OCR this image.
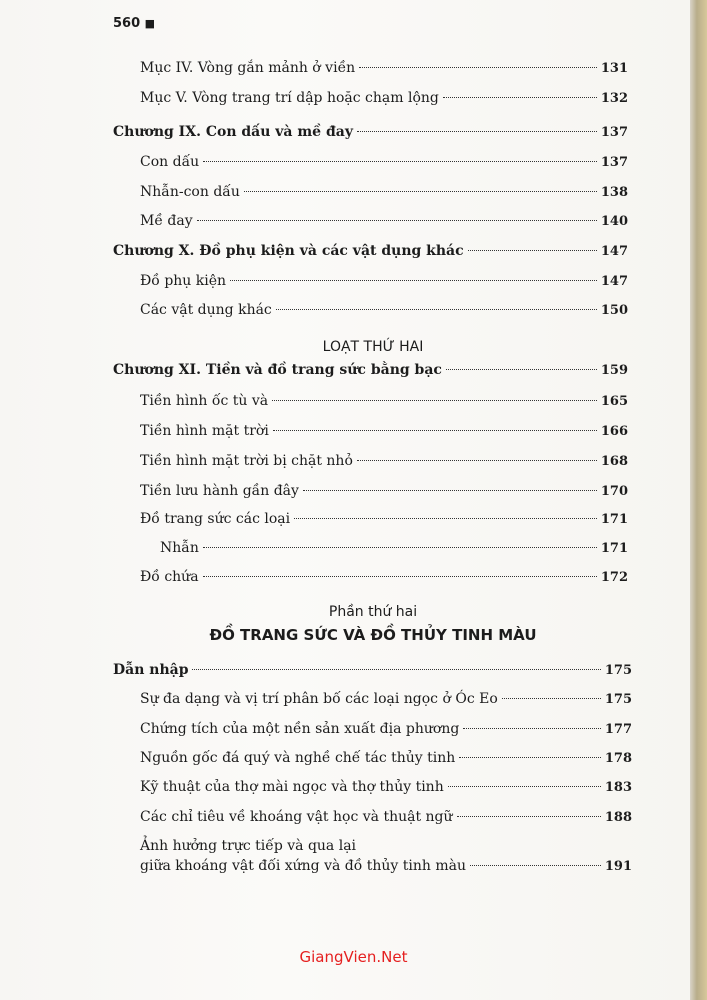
560 ■
Mục IV. Vòng gắn mảnh ở viền	131
Mục V. Vòng trang trí dập hoặc chạm lộng	132
Chương IX. Con dấu và mề đay	137
Con dấu	137
Nhẫn-con dấu	138
Mề đay	140
Chương X. Đồ phụ kiện và các vật dụng khác	147
Đồ phụ kiện	147
Các vật dụng khác	150
LOẠT THỨ HAI
Chương XI. Tiền và đồ trang sức bằng bạc	159
Tiền hình ốc tù và	165
Tiền hình mặt trời	166
Tiền hình mặt trời bị chặt nhỏ	168
Tiền lưu hành gần đây	170
Đồ trang sức các loại	171
Nhẫn	171
Đồ chứa	172
Phần thứ hai
ĐỒ TRANG SỨC VÀ ĐỒ THỦY TINH MÀU
Dẫn nhập	175
Sự đa dạng và vị trí phân bố các loại ngọc ở Óc Eo	175
Chứng tích của một nền sản xuất địa phương	177
Nguồn gốc đá quý và nghề chế tác thủy tinh	178
Kỹ thuật của thợ mài ngọc và thợ thủy tinh	183
Các chỉ tiêu về khoáng vật học và thuật ngữ	188
Ảnh hưởng trực tiếp và qua lại
giữa khoáng vật đối xứng và đồ thủy tinh màu	191
GiangVien.Net
